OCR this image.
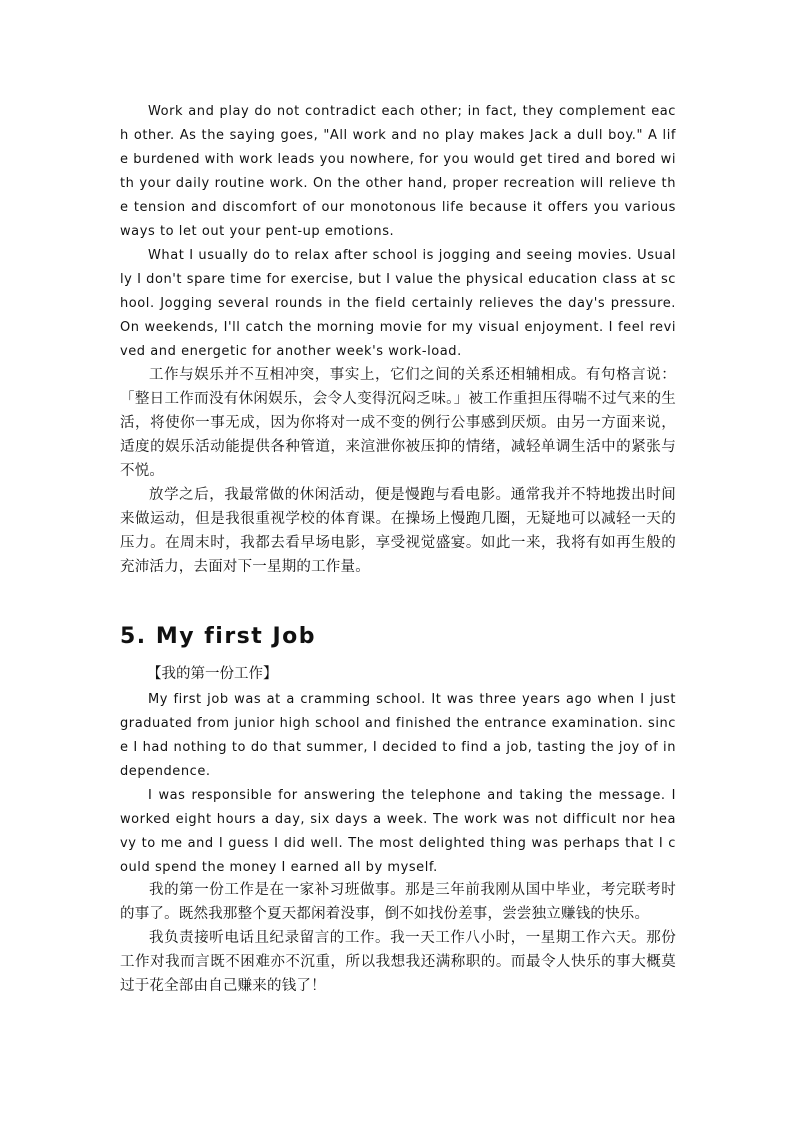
Work and play do not contradict each other; in fact, they complement each other. As the saying goes, "All work and no play makes Jack a dull boy." A life burdened with work leads you nowhere, for you would get tired and bored with your daily routine work. On the other hand, proper recreation will relieve the tension and discomfort of our monotonous life because it offers you various ways to let out your pent-up emotions.

What I usually do to relax after school is jogging and seeing movies. Usually I don't spare time for exercise, but I value the physical education class at school. Jogging several rounds in the field certainly relieves the day's pressure. On weekends, I'll catch the morning movie for my visual enjoyment. I feel revived and energetic for another week's work-load.

工作与娱乐并不互相冲突，事实上，它们之间的关系还相辅相成。有句格言说：「整日工作而没有休闲娱乐，会令人变得沉闷乏味。」被工作重担压得喘不过气来的生活，将使你一事无成，因为你将对一成不变的例行公事感到厌烦。由另一方面来说，适度的娱乐活动能提供各种管道，来渲泄你被压抑的情绪，减轻单调生活中的紧张与不悦。

放学之后，我最常做的休闲活动，便是慢跑与看电影。通常我并不特地拨出时间来做运动，但是我很重视学校的体育课。在操场上慢跑几圈，无疑地可以减轻一天的压力。在周末时，我都去看早场电影，享受视觉盛宴。如此一来，我将有如再生般的充沛活力，去面对下一星期的工作量。

5. My first Job
【我的第一份工作】

My first job was at a cramming school. It was three years ago when I just graduated from junior high school and finished the entrance examination. since I had nothing to do that summer, I decided to find a job, tasting the joy of independence.

I was responsible for answering the telephone and taking the message. I worked eight hours a day, six days a week. The work was not difficult nor heavy to me and I guess I did well. The most delighted thing was perhaps that I could spend the money I earned all by myself.

我的第一份工作是在一家补习班做事。那是三年前我刚从国中毕业，考完联考时的事了。既然我那整个夏天都闲着没事，倒不如找份差事，尝尝独立赚钱的快乐。

我负责接听电话且纪录留言的工作。我一天工作八小时，一星期工作六天。那份工作对我而言既不困难亦不沉重，所以我想我还满称职的。而最令人快乐的事大概莫过于花全部由自己赚来的钱了！
